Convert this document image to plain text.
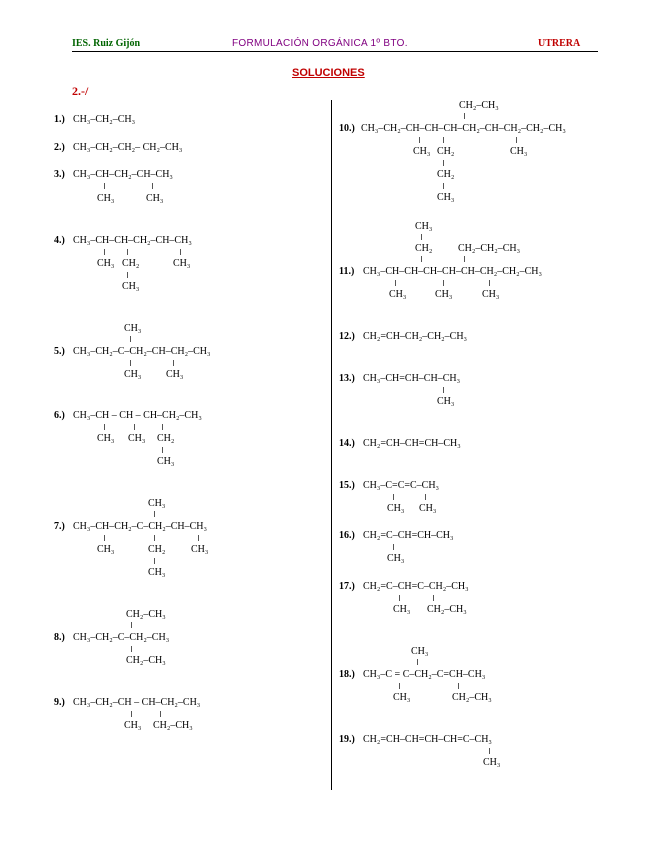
IES. Ruiz Gijón	FORMULACIÓN ORGÁNICA 1º BTO.	UTRERA
SOLUCIONES
2.-/
1.) CH₃–CH₂–CH₃
2.) CH₃–CH₂–CH₂– CH₂–CH₃
3.) CH₃–CH–CH₂–CH–CH₃
CH₃	CH₃
4.) CH₃–CH–CH–CH₂–CH–CH₃
CH₃ CH₂	CH₃
CH₃
CH₃
5.) CH₃–CH₂–C–CH₂–CH–CH₂–CH₃
CH₃ CH₃
6.) CH₃–CH – CH – CH–CH₂–CH₃
CH₃ CH₃ CH₂
CH₃
CH₃
7.) CH₃–CH–CH₂–C–CH₂–CH–CH₃
CH₃	CH₂	CH₃
CH₃
CH₂–CH₃
8.) CH₃–CH₂–C–CH₂–CH₃
CH₂–CH₃
9.) CH₃–CH₂–CH – CH–CH₂–CH₃
CH₃ CH₂–CH₃
CH₂–CH₃
10.) CH₃–CH₂–CH–CH–CH–CH₂–CH–CH₂–CH₂–CH₃
CH₃ CH₂	CH₃
CH₂
CH₃
CH₃
CH₂	CH₂–CH₂–CH₃
11.) CH₃–CH–CH–CH–CH–CH–CH₂–CH₂–CH₃
CH₃	CH₃	CH₃
12.) CH₂=CH–CH₂–CH₂–CH₃
13.) CH₃–CH=CH–CH–CH₃
CH₃
14.) CH₂=CH–CH=CH–CH₃
15.) CH₃–C=C=C–CH₃
CH₃ CH₃
16.) CH₂=C–CH=CH–CH₃
CH₃
17.) CH₂=C–CH=C–CH₂–CH₃
CH₃ CH₂–CH₃
CH₃
18.) CH₃–C = C–CH₂–C=CH–CH₃
CH₃	CH₂–CH₃
19.) CH₂=CH–CH=CH–CH=C–CH₃
CH₃
